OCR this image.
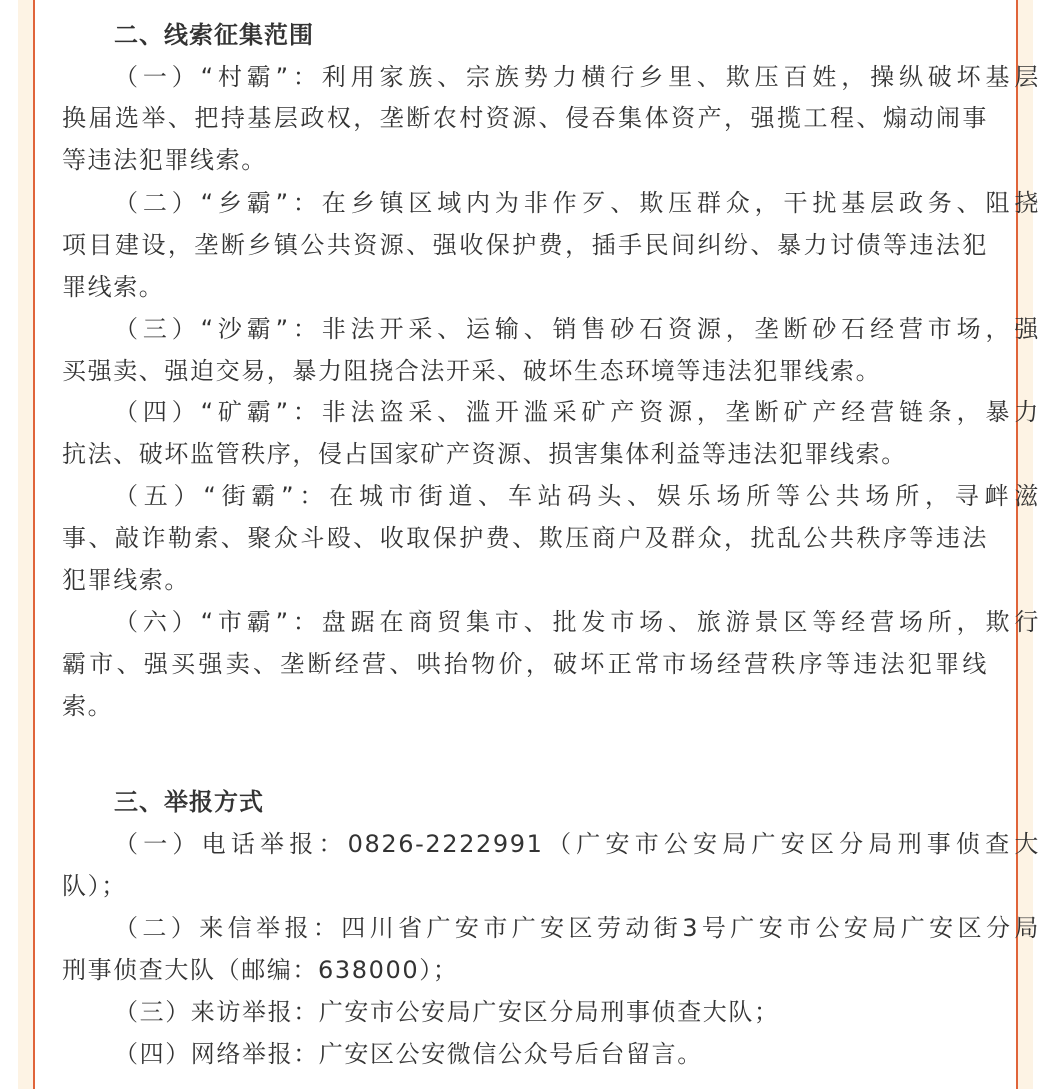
二、线索征集范围
（一）“村霸”：利用家族、宗族势力横行乡里、欺压百姓，操纵破坏基层
换届选举、把持基层政权，垄断农村资源、侵吞集体资产，强揽工程、煽动闹事
等违法犯罪线索。
（二）“乡霸”：在乡镇区域内为非作歹、欺压群众，干扰基层政务、阻挠
项目建设，垄断乡镇公共资源、强收保护费，插手民间纠纷、暴力讨债等违法犯
罪线索。
（三）“沙霸”：非法开采、运输、销售砂石资源，垄断砂石经营市场，强
买强卖、强迫交易，暴力阻挠合法开采、破坏生态环境等违法犯罪线索。
（四）“矿霸”：非法盗采、滥开滥采矿产资源，垄断矿产经营链条，暴力
抗法、破坏监管秩序，侵占国家矿产资源、损害集体利益等违法犯罪线索。
（五）“街霸”：在城市街道、车站码头、娱乐场所等公共场所，寻衅滋
事、敲诈勒索、聚众斗殴、收取保护费、欺压商户及群众，扰乱公共秩序等违法
犯罪线索。
（六）“市霸”：盘踞在商贸集市、批发市场、旅游景区等经营场所，欺行
霸市、强买强卖、垄断经营、哄抬物价，破坏正常市场经营秩序等违法犯罪线
索。
三、举报方式
（一）电话举报：0826-2222991（广安市公安局广安区分局刑事侦查大
队）；
（二）来信举报：四川省广安市广安区劳动街3号广安市公安局广安区分局
刑事侦查大队（邮编：638000）；
（三）来访举报：广安市公安局广安区分局刑事侦查大队；
（四）网络举报：广安区公安微信公众号后台留言。
